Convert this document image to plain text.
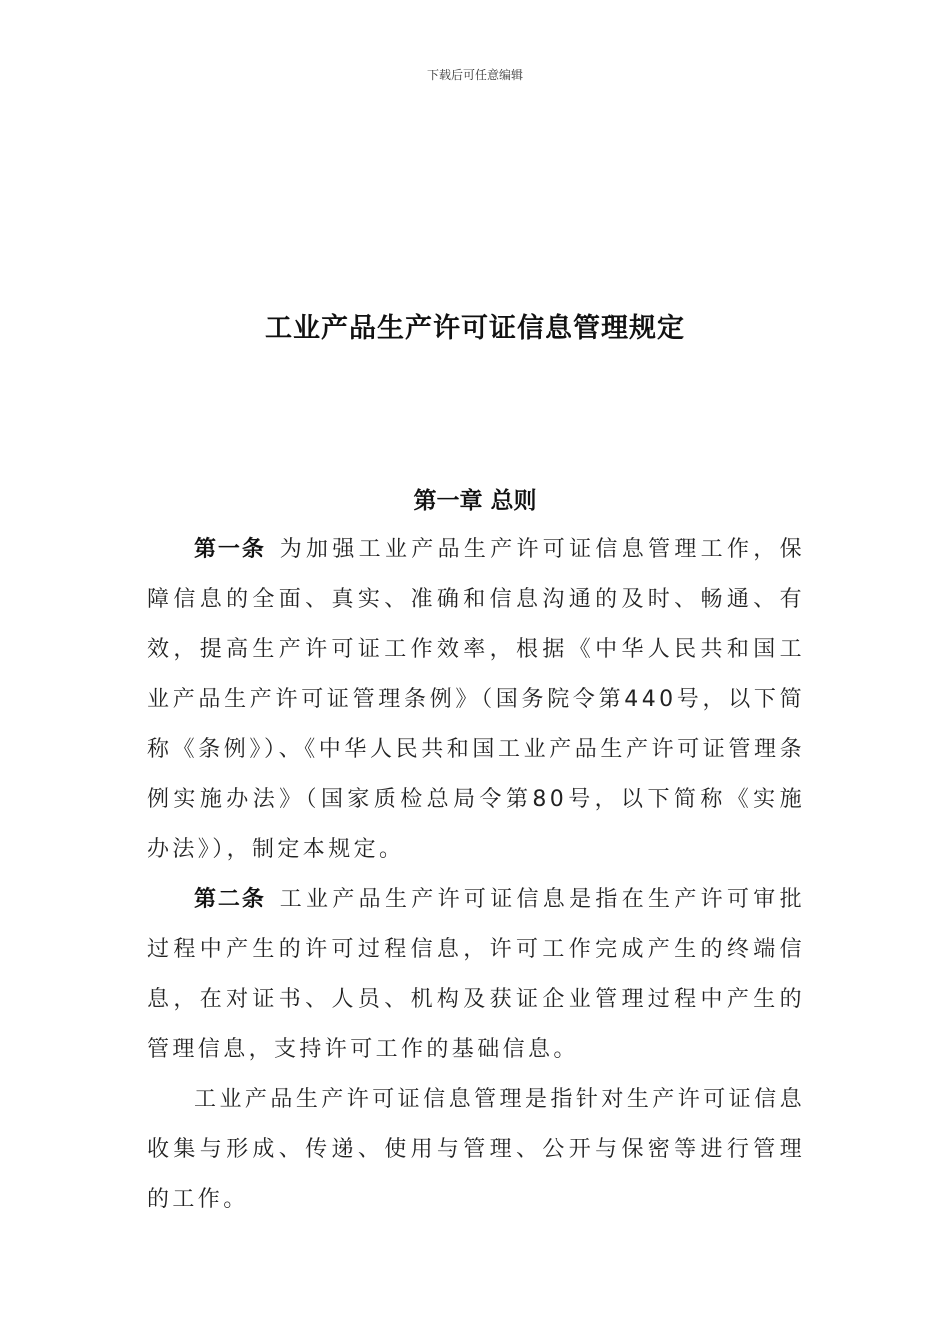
下载后可任意编辑
工业产品生产许可证信息管理规定
第一章 总则

第一条 为加强工业产品生产许可证信息管理工作，保障信息的全面、真实、准确和信息沟通的及时、畅通、有效，提高生产许可证工作效率，根据《中华人民共和国工业产品生产许可证管理条例》（国务院令第440号，以下简称《条例》）、《中华人民共和国工业产品生产许可证管理条例实施办法》（国家质检总局令第80号，以下简称《实施办法》），制定本规定。

第二条 工业产品生产许可证信息是指在生产许可审批过程中产生的许可过程信息，许可工作完成产生的终端信息，在对证书、人员、机构及获证企业管理过程中产生的管理信息，支持许可工作的基础信息。

工业产品生产许可证信息管理是指针对生产许可证信息收集与形成、传递、使用与管理、公开与保密等进行管理的工作。
